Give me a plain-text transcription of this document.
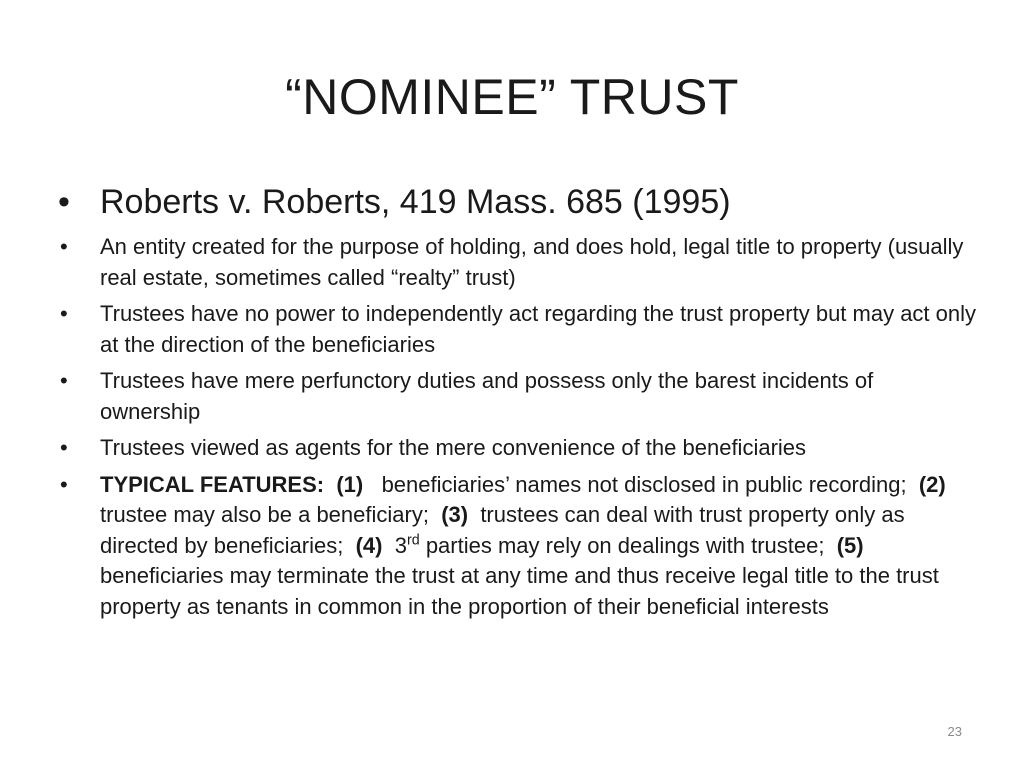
“NOMINEE” TRUST
• Roberts v. Roberts, 419 Mass. 685 (1995)
• An entity created for the purpose of holding, and does hold, legal title to property (usually real estate, sometimes called “realty” trust)
• Trustees have no power to independently act regarding the trust property but may act only at the direction of the beneficiaries
• Trustees have mere perfunctory duties and possess only the barest incidents of ownership
• Trustees viewed as agents for the mere convenience of the beneficiaries
• TYPICAL FEATURES: (1) beneficiaries’ names not disclosed in public recording; (2)  trustee may also be a beneficiary; (3) trustees can deal with trust property only as directed by beneficiaries; (4) 3rd parties may rely on dealings with trustee; (5)   beneficiaries may terminate the trust at any time and thus receive legal title to the trust property as tenants in common in the proportion of their beneficial interests
23
